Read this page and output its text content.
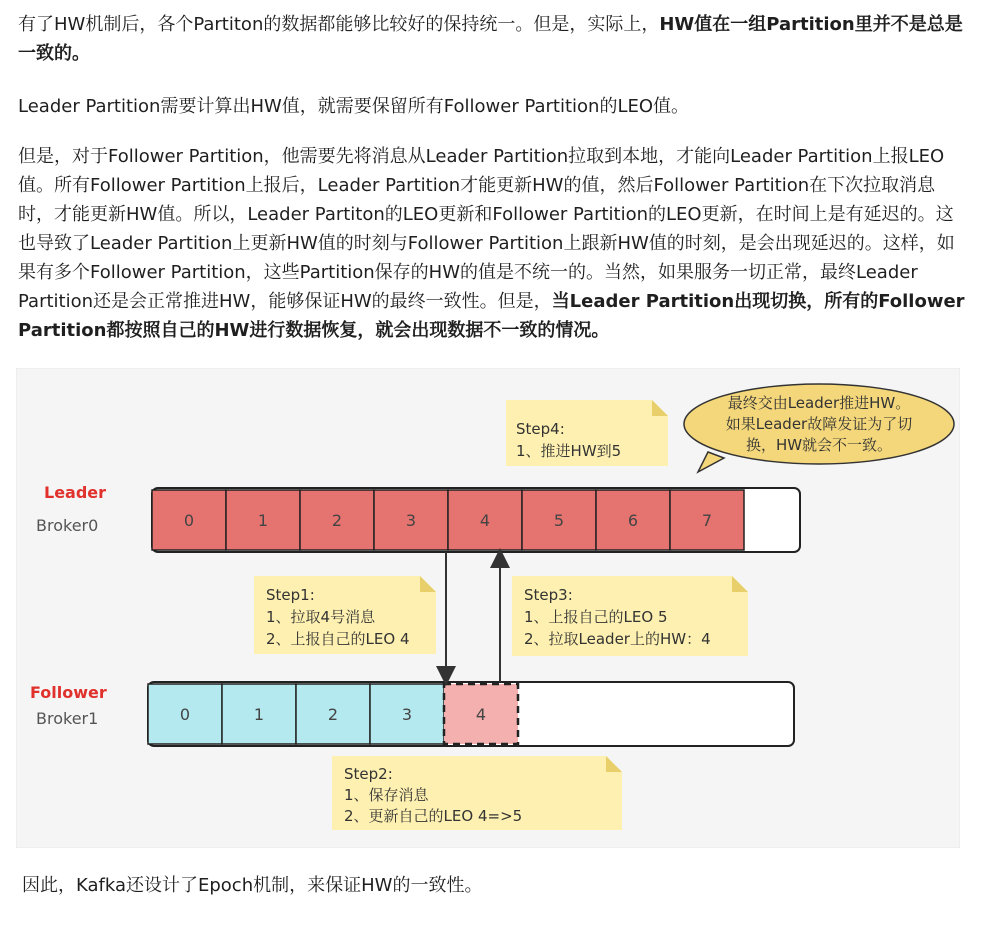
有了HW机制后，各个Partiton的数据都能够比较好的保持统一。但是，实际上，HW值在一组Partition里并不是总是一致的。

Leader Partition需要计算出HW值，就需要保留所有Follower Partition的LEO值。

但是，对于Follower Partition，他需要先将消息从Leader Partition拉取到本地，才能向Leader Partition上报LEO值。所有Follower Partition上报后，Leader Partition才能更新HW的值，然后Follower Partition在下次拉取消息时，才能更新HW值。所以，Leader Partiton的LEO更新和Follower Partition的LEO更新，在时间上是有延迟的。这也导致了Leader Partition上更新HW值的时刻与Follower Partition上跟新HW值的时刻，是会出现延迟的。这样，如果有多个Follower Partition，这些Partition保存的HW的值是不统一的。当然，如果服务一切正常，最终Leader Partition还是会正常推进HW，能够保证HW的最终一致性。但是，当Leader Partition出现切换，所有的Follower Partition都按照自己的HW进行数据恢复，就会出现数据不一致的情况。

Leader
Broker0	0	1	2	3	4	5	6	7
Follower
Broker1	0	1	2	3	4
Step4:
1、推进HW到5
最终交由Leader推进HW。
如果Leader故障发证为了切
换，HW就会不一致。
Step1:
1、拉取4号消息
2、上报自己的LEO 4
Step3:
1、上报自己的LEO 5
2、拉取Leader上的HW：4
Step2:
1、保存消息
2、更新自己的LEO 4=>5

因此，Kafka还设计了Epoch机制，来保证HW的一致性。
